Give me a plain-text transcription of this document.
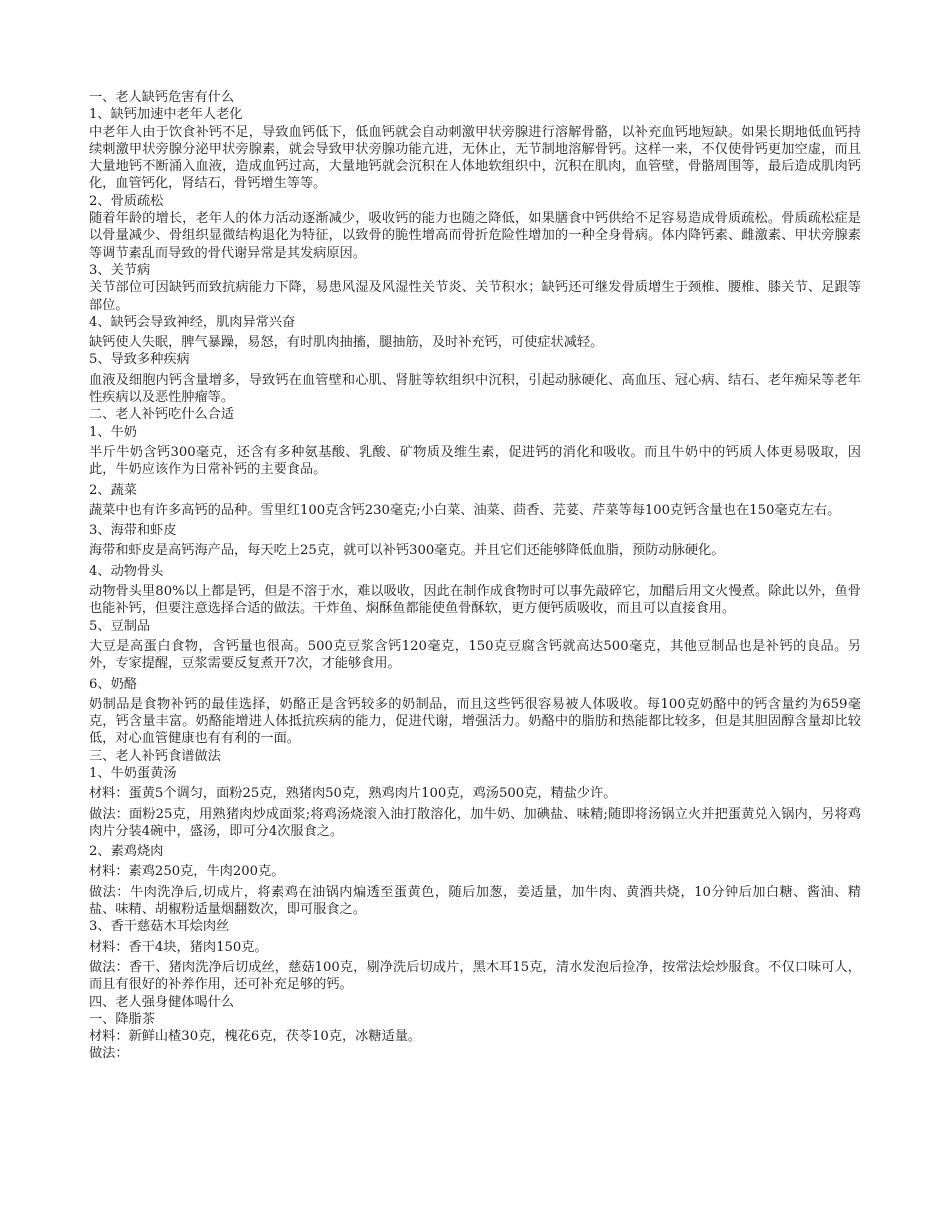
一、老人缺钙危害有什么

1、缺钙加速中老年人老化

中老年人由于饮食补钙不足，导致血钙低下，低血钙就会自动刺激甲状旁腺进行溶解骨骼，以补充血钙地短缺。如果长期地低血钙持续刺激甲状旁腺分泌甲状旁腺素，就会导致甲状旁腺功能亢进，无休止，无节制地溶解骨钙。这样一来，不仅使骨钙更加空虚，而且大量地钙不断涌入血液，造成血钙过高，大量地钙就会沉积在人体地软组织中，沉积在肌肉，血管壁，骨骼周围等，最后造成肌肉钙化，血管钙化，肾结石，骨钙增生等等。

2、骨质疏松

随着年龄的增长，老年人的体力活动逐渐减少，吸收钙的能力也随之降低，如果膳食中钙供给不足容易造成骨质疏松。骨质疏松症是以骨量减少、骨组织显微结构退化为特征，以致骨的脆性增高而骨折危险性增加的一种全身骨病。体内降钙素、雌激素、甲状旁腺素等调节素乱而导致的骨代谢异常是其发病原因。

3、关节病

关节部位可因缺钙而致抗病能力下降，易患风湿及风湿性关节炎、关节积水；缺钙还可继发骨质增生于颈椎、腰椎、膝关节、足跟等部位。

4、缺钙会导致神经，肌肉异常兴奋

缺钙使人失眠，脾气暴躁，易怒，有时肌肉抽搐，腿抽筋，及时补充钙，可使症状减轻。

5、导致多种疾病

血液及细胞内钙含量增多，导致钙在血管壁和心肌、肾脏等软组织中沉积，引起动脉硬化、高血压、冠心病、结石、老年痴呆等老年性疾病以及恶性肿瘤等。

二、老人补钙吃什么合适

1、牛奶

半斤牛奶含钙300毫克，还含有多种氨基酸、乳酸、矿物质及维生素，促进钙的消化和吸收。而且牛奶中的钙质人体更易吸取，因此，牛奶应该作为日常补钙的主要食品。

2、蔬菜

蔬菜中也有许多高钙的品种。雪里红100克含钙230毫克;小白菜、油菜、茴香、芫荽、芹菜等每100克钙含量也在150毫克左右。

3、海带和虾皮

海带和虾皮是高钙海产品，每天吃上25克，就可以补钙300毫克。并且它们还能够降低血脂，预防动脉硬化。

4、动物骨头

动物骨头里80%以上都是钙，但是不溶于水，难以吸收，因此在制作成食物时可以事先敲碎它，加醋后用文火慢煮。除此以外，鱼骨也能补钙，但要注意选择合适的做法。干炸鱼、焖酥鱼都能使鱼骨酥软，更方便钙质吸收，而且可以直接食用。

5、豆制品

大豆是高蛋白食物，含钙量也很高。500克豆浆含钙120毫克，150克豆腐含钙就高达500毫克，其他豆制品也是补钙的良品。另外，专家提醒，豆浆需要反复煮开7次，才能够食用。

6、奶酪

奶制品是食物补钙的最佳选择，奶酪正是含钙较多的奶制品，而且这些钙很容易被人体吸收。每100克奶酪中的钙含量约为659毫克，钙含量丰富。奶酪能增进人体抵抗疾病的能力，促进代谢，增强活力。奶酪中的脂肪和热能都比较多，但是其胆固醇含量却比较低，对心血管健康也有有利的一面。

三、老人补钙食谱做法

1、牛奶蛋黄汤

材料：蛋黄5个调匀，面粉25克，熟猪肉50克，熟鸡肉片100克，鸡汤500克，精盐少许。

做法：面粉25克，用熟猪肉炒成面浆;将鸡汤烧滚入油打散溶化，加牛奶、加碘盐、味精;随即将汤锅立火并把蛋黄兑入锅内，另将鸡肉片分装4碗中，盛汤，即可分4次服食之。

2、素鸡烧肉

材料：素鸡250克，牛肉200克。

做法：牛肉洗净后,切成片，将素鸡在油锅内煸透至蛋黄色，随后加葱，姜适量，加牛肉、黄酒共烧，10分钟后加白糖、酱油、精盐、味精、胡椒粉适量烟翻数次，即可服食之。

3、香干慈菇木耳烩肉丝

材料：香干4块，猪肉150克。

做法：香干、猪肉洗净后切成丝，慈菇100克，剔净洗后切成片，黑木耳15克，清水发泡后捡净，按常法烩炒服食。不仅口味可人，而且有很好的补养作用，还可补充足够的钙。

四、老人强身健体喝什么

一、降脂茶

材料：新鲜山楂30克，槐花6克，茯苓10克，冰糖适量。

做法：
